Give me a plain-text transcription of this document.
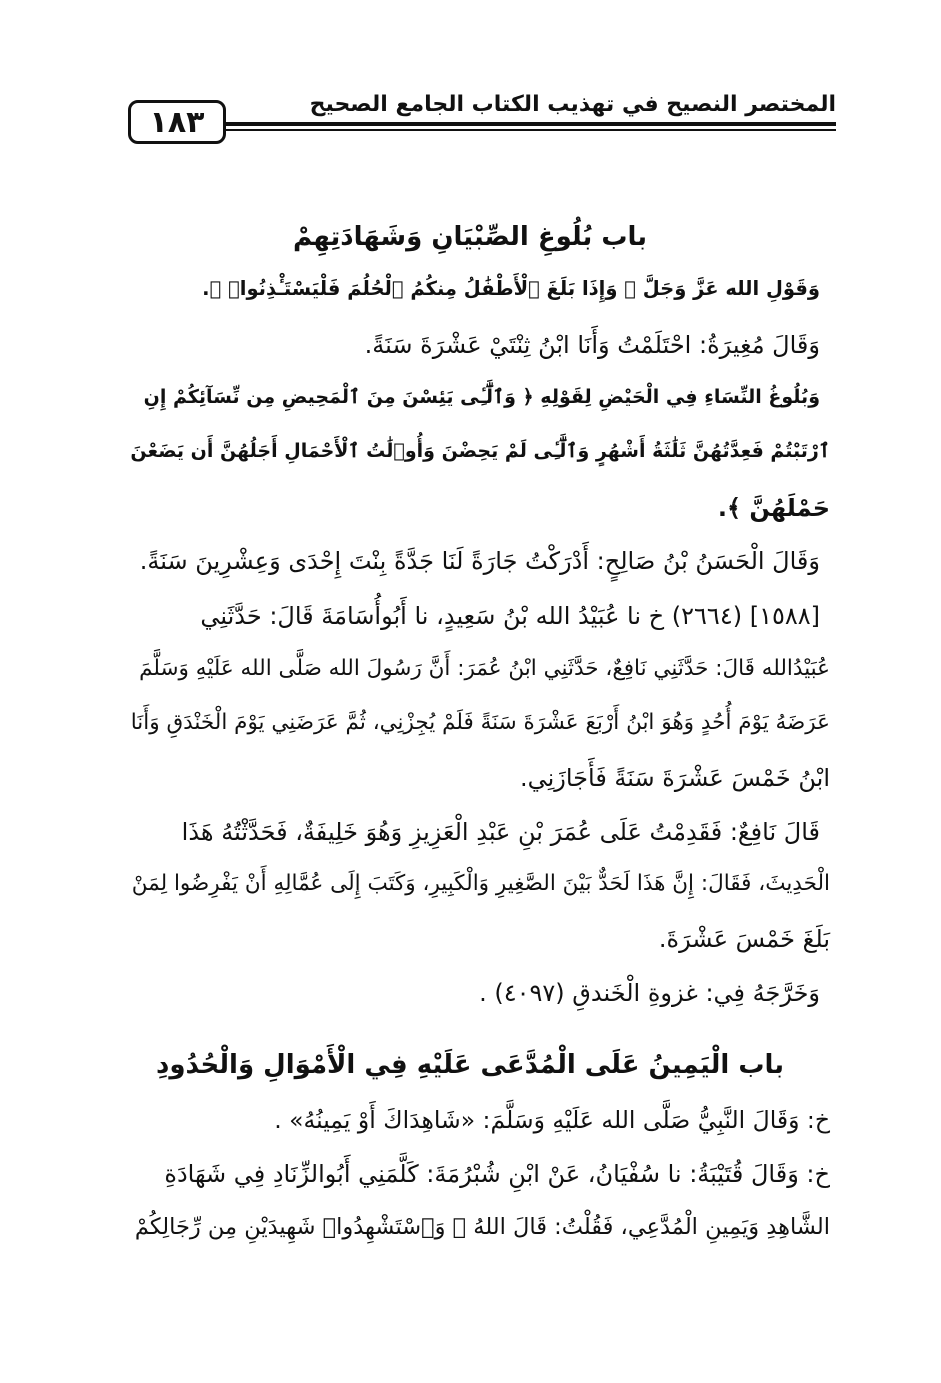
١٨٣	المختصر النصيح في تهذيب الكتاب الجامع الصحيح
باب بُلُوغِ الصِّبْيَانِ وَشَهَادَتِهِمْ
وَقَوْلِ الله عَزَّ وَجَلَّ ﴿ وَإِذَا بَلَغَ ٱلْأَطْفَٰلُ مِنكُمُ ٱلْحُلُمَ فَلْيَسْتَـْٔذِنُوا۟ ﴾.
وَقَالَ مُغِيرَةُ: احْتَلَمْتُ وَأَنَا ابْنُ ثِنْتَيْ عَشْرَةَ سَنَةً.
وَبُلُوغُ النِّسَاءِ فِي الْحَيْضِ لِقَوْلِهِ ﴿ وَٱلَّٰٓـِٔى يَئِسْنَ مِنَ ٱلْمَحِيضِ مِن نِّسَآئِكُمْ إِنِ
ٱرْتَبْتُمْ فَعِدَّتُهُنَّ ثَلَٰثَةُ أَشْهُرٍ وَٱلَّٰٓـِٔى لَمْ يَحِضْنَ وَأُو۟لَٰتُ ٱلْأَحْمَالِ أَجَلُهُنَّ أَن يَضَعْنَ
حَمْلَهُنَّ ﴾.
وَقَالَ الْحَسَنُ بْنُ صَالِحٍ: أَدْرَكْتُ جَارَةً لَنَا جَدَّةً بِنْتَ إِحْدَى وَعِشْرِينَ سَنَةً.
[١٥٨٨] (٢٦٦٤) خ نا عُبَيْدُ الله بْنُ سَعِيدٍ، نا أَبُوأُسَامَةَ قَالَ: حَدَّثَنِي
عُبَيْدُالله قَالَ: حَدَّثَنِي نَافِعٌ، حَدَّثَنِي ابْنُ عُمَرَ: أَنَّ رَسُولَ الله صَلَّى الله عَلَيْهِ وَسَلَّمَ
عَرَضَهُ يَوْمَ أُحُدٍ وَهُوَ ابْنُ أَرْبَعَ عَشْرَةَ سَنَةً فَلَمْ يُجِزْنِي، ثُمَّ عَرَضَنِي يَوْمَ الْخَنْدَقِ وَأَنَا
ابْنُ خَمْسَ عَشْرَةَ سَنَةً فَأَجَازَنِي.
قَالَ نَافِعٌ: فَقَدِمْتُ عَلَى عُمَرَ بْنِ عَبْدِ الْعَزِيزِ وَهُوَ خَلِيفَةٌ، فَحَدَّثْتُهُ هَذَا
الْحَدِيثَ، فَقَالَ: إِنَّ هَذَا لَحَدٌّ بَيْنَ الصَّغِيرِ وَالْكَبِيرِ، وَكَتَبَ إِلَى عُمَّالِهِ أَنْ يَفْرِضُوا لِمَنْ
بَلَغَ خَمْسَ عَشْرَةَ.
وَخَرَّجَهُ فِي: غزوةِ الْخَندقِ (٤٠٩٧) .
باب الْيَمِينُ عَلَى الْمُدَّعَى عَلَيْهِ فِي الْأَمْوَالِ وَالْحُدُودِ
خ: وَقَالَ النَّبِيُّ صَلَّى الله عَلَيْهِ وَسَلَّمَ: «شَاهِدَاكَ أَوْ يَمِينُهُ» .
خ: وَقَالَ قُتَيْبَةُ: نا سُفْيَانُ، عَنْ ابْنِ شُبْرُمَةَ: كَلَّمَنِي أَبُوالزِّنَادِ فِي شَهَادَةِ
الشَّاهِدِ وَيَمِينِ الْمُدَّعِي، فَقُلْتُ: قَالَ اللهُ ﴿ وَٱسْتَشْهِدُوا۟ شَهِيدَيْنِ مِن رِّجَالِكُمْ
